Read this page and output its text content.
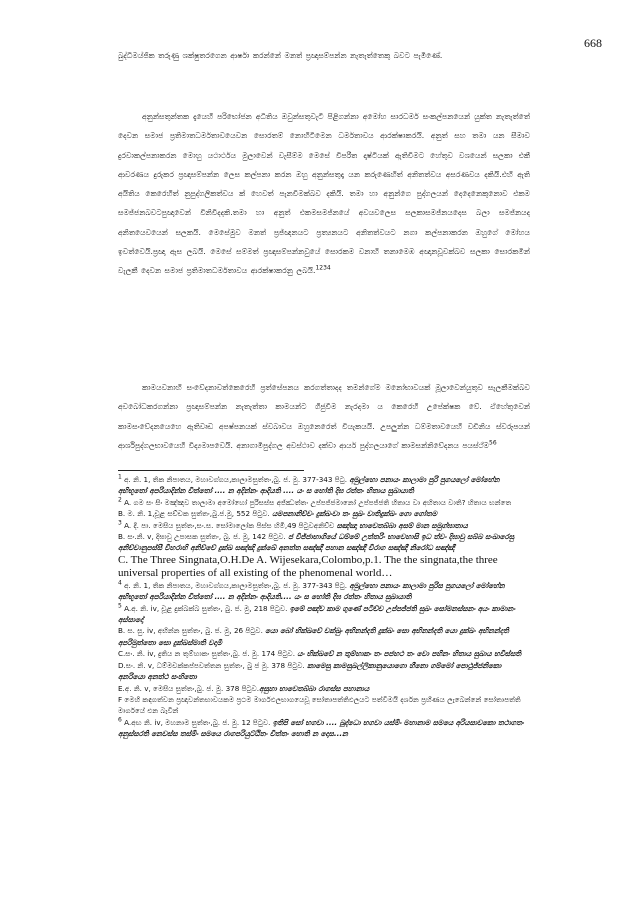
668
බුද්ධිමය්ජික තරුණු ශක්ෂුතරගෙන ආර්ෂා කරන්නේ මනත් ප්‍රඥාසම්පන්න නැතැත්තෙකු බවට පැමිණේ.
අනුන්සතුන්තක දැයෙහි පරිභෝජන අධිතිය ඔවුන්සතුවැටී පිළිගන්නා අමෝහ සාරධර්ම සංකල්පනයෙන් යුක්ත නැතැත්තේ දෙවන සමාජ ප්‍රතිමාතධර්මතාවයෙවන සොරතම් නොහිටිමෙන ධර්මතාවය ආරක්ෂාකරයි. අනුත් සහ තමා යන සීමාව දුරවාකල්පනාකරන මොහු යථාර්ථය මුලාවෙන් වැසීම්ම මෙසේ විපරීත දෘෂ්ටියක් ඇතිවීමට හේතුව වශයෙන් සලකා එකී ආවරණය දුරුකර ප්‍රඥාසම්පන්න ලෙස කල්පනා කරන ඔහු අනුන්සතුදෑ යන කරුණෙහිත් අනිතත්වය අසරණවය දකියි.එහි ඇති අයිතිය කෙරෙහිත් නුපුද්ගලිකත්වය ක් හෙවත් පැනවීමක්බව දකියි. තමා හා අනුන්ගෙ පුද්ගලයන් දෙදෙනෙකුනොව එකම සමජ්ජනබවටපුඥාවෙන් විනිවිදදකි.තමා හා අනුත් එකමසමජ්නයේ අවයවලෙස සලකාසමජ්නයදෙස බලා සමජ්නයද අනිතයෙවයෙන් සලකයි. මෙසේමුව මනත් ප්‍රජ්ඥනයට ප්‍රත්‍යනයට අනිතත්වයට නගා කල්පනාකරන ඔහුගේ මෝහය ඉවත්වෙයි.ප්‍රඥා ඇස ලබයි. මෙසේ සම්මත් ප්‍රඥාසම්පන්නවුයේ සොරකම වනාහි තනාමෙඹ අඥානවූවක්බව සලකා සොරකමින් වැලකී දෙවන සමාජ ප්‍රතිමාතධර්මතාවය ආරක්ෂාකරනු ලබයි.$^{1234}$
කාමයවනාහි සංවේදනාවත්කෙරෙහි ප්‍රත්සේපනය කරගත්තාදද තමන්ගේම මනෝභාවයක් මූලාවෙන්යුතුව සැලකීමක්බව අවබෝධකරගන්නා ප්‍රඥාසම්පන්න නැතැත්තා කාමයන්ට ගිජුවීම නැරදමා ය කෙරෙහි උපේක්ෂක වේ. ඒහේතුවෙන් කාමසංවේදනයෙහෙ ඇතිවෘඩ අපෂ්පනයක් ස්වබාවය ඔහුනෙරෙත් වියැකයයි. උපලුන්න ධම්මතාවයෙහි වඩිනිය ස්වරූපයන් ආර්ශිපුද්ගලභාවයෙහි විද්‍යමාපවෙයි. අනාගාමිපුද්ගල අවස්ථාව දක්වා ආර්ය පුද්ගලයාගේ කාමසන්නිවේදනය පයස්ථ්ම$^{56}$

$^1$ අ. නි. 1, තික නිපාතය, මහාවග්ගය,කාලාමසුත්තං,බු. ජ. මු. 377-343 පිටු. අමුල්හො පනායං කාලාමා පුරි පුගයලෝ මෝහේන අභිභූතෝ අපරියාදින්න චිත්තෝ .... න අදින්නං ආදියති .... යං ස හෝති දිඝ රත්තං හිතාය සුඛායාති

$^2$ A. ගම සං සිං මඤ්ඤව තාලාමා අමෝහෝ පුරිසස්ස අජ්ඣත්තං උප්පජ්ජමානෝ උප්පජ්ජති හිතාය වා අහිතාය වාති? හිතාය භන්තෙ

B. ම. නි. 1,චූළ සච්චක සුත්තං,බු.ජ.මු, 552 පිටුව. යමපනානිච්චං දුක්ඛංවා තං සුඛං වාතිදුක්ඛං ගො ගෝතම

$^3$ A. දී. පා. මෙසිය සුත්තං,සං.ස. සෝමාලෝක පිස්ස හිමි,49 පිටුවඅනිච්ච සඤ්ඤා භාවෙතබ්බා අසම් මාන සමුග්ඝාතාය

B. සං.නි. v, දිඝාවු උපාසක සුත්තං, බු. ජ. මු, 142 පිටුව. ජ විජ්ජාභාගියේ ධම්මේ උත්තරිං භාවෙහාසි ඉධ ත්වං දිඝාවු සබ්බ සංඛාරෙසු අනිච්චානුපස්සී විහරාහි අනිච්චේ දුක්ඛ සඤ්ඤි දුක්ඛේ අනත්ත සඤ්ඤී පහාන සඤ්ඤී විරාග සඤ්ඤී නිරෝධ සඤ්ඤී

C. The Three Singnata,O.H.De A. Wijesekara,Colombo,p.1. The the singnata,the three universal properties of all existing of the phenomenal world…

$^4$ අ. නි. 1, තික නිපාතය, මහාවග්ගය,කාලාමසුත්තං,බු. ජ. මු. 377-343 පිටු. අමුල්හො පනායං කාලාමා පුරිස පුගයලෝ මෝහේන අභිභූතෝ අපරියාදින්න චිත්තෝ .... න අදින්නං ආදියති.... යං ස හෝති දිඝ රත්තං හිතාය සුඛායාති

$^5$ A.අ. නි. iv, චූළ දුක්ඛක්ඛ සුත්තං, බු. ජ. මු, 218 පිටුව. ඉමේ පඤ්ච කාම ගුණේ පටිච්ච උප්පජ්ජති සුඛං සෝමනස්සනං අයං කාමානං අස්සාදෝ

B. ස. සු. iv, අභින්න සුත්තං, බු. ජ. මු, 26 පිටුව. යො බෝ භික්ඛවේ චක්ඛුං අභිනන්දති දුක්ඛං සො අභිනන්දති යො දුක්ඛං අභිනන්දති අපරිමුත්තො සො දුක්ඛස්මාති වදාමි

C.සං. නි. iv, දුතිය න තුම්හාකං සුත්තං,බු. ජ. මු. 174 පිටුව. යං භික්ඛවේ න තුම්හාකං තං පජහථ තං වො පහිනං හිතාය සුඛාය භවිස්සති

D.සං. නි. v, ධම්මචක්කප්පවත්තන සුත්තං, බු ජ මු. 378 පිටුව. කාමෙසු කාමසුඛල්ලිකානුයොගො හීනො ගම්මෝ පොථුජ්ජනිකො අනරියො අනත්ථ සංහිතො

E.අ. නි. v, මෙසිය සුත්තං,බු. ජ. මු. 378 පිටුව.අසුහා භාවෙතබ්බා රාගස්ස පහානාය

F මෙහි කඳගත්වන ප්‍රඥාවන්තභාවයකම ප්‍රථම මාර්ගඵලභාගයෙවූ සෝතාපත්තිඵලයට පත්වීමයි දර්ශන ප්‍රහීණය ලැබෙන්නේ සෝතාපත්ති මාර්ගයේ එන බැවින්

$^6$ A.අඟ නි. iv, මහනාම සුත්තං,බු. ජ. මු. 12 පිටුව. ඉතිපි සෝ භගවා .... බුද්ධො භගවා යස්මිං මහානාම සමයෙ අරියසාවකො තථාගතං අනුස්සරති නෙවස්ස තස්මිං සමයෙ රාගපරියුට්ඨිතං චිත්තං හොති න දොස...න
